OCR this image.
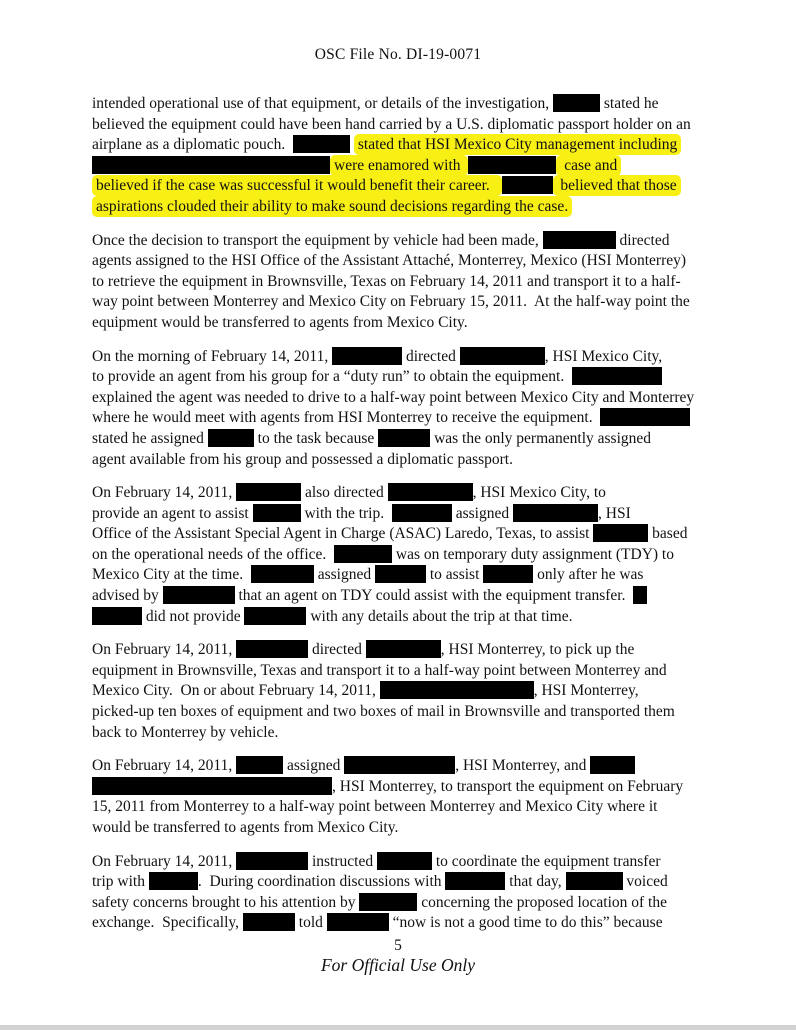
OSC File No. DI-19-0071
intended operational use of that equipment, or details of the investigation,	stated he
believed the equipment could have been hand carried by a U.S. diplomatic passport holder on an
airplane as a diplomatic pouch.	stated that HSI Mexico City management including
were enamored with	case and
believed if the case was successful it would benefit their career.	believed that those
aspirations clouded their ability to make sound decisions regarding the case.
Once the decision to transport the equipment by vehicle had been made,	directed
agents assigned to the HSI Office of the Assistant Attaché, Monterrey, Mexico (HSI Monterrey)
to retrieve the equipment in Brownsville, Texas on February 14, 2011 and transport it to a half-
way point between Monterrey and Mexico City on February 15, 2011.  At the half-way point the
equipment would be transferred to agents from Mexico City.
On the morning of February 14, 2011,	directed	, HSI Mexico City,
to provide an agent from his group for a “duty run” to obtain the equipment.
explained the agent was needed to drive to a half-way point between Mexico City and Monterrey
where he would meet with agents from HSI Monterrey to receive the equipment.
stated he assigned	to the task because	was the only permanently assigned
agent available from his group and possessed a diplomatic passport.
On February 14, 2011,	also directed	, HSI Mexico City, to
provide an agent to assist	with the trip.	assigned	, HSI
Office of the Assistant Special Agent in Charge (ASAC) Laredo, Texas, to assist	based
on the operational needs of the office.	was on temporary duty assignment (TDY) to
Mexico City at the time.	assigned	to assist	only after he was
advised by	that an agent on TDY could assist with the equipment transfer.
did not provide	with any details about the trip at that time.
On February 14, 2011,	directed	, HSI Monterrey, to pick up the
equipment in Brownsville, Texas and transport it to a half-way point between Monterrey and
Mexico City.  On or about February 14, 2011,	, HSI Monterrey,
picked-up ten boxes of equipment and two boxes of mail in Brownsville and transported them
back to Monterrey by vehicle.
On February 14, 2011,	assigned	, HSI Monterrey, and
, HSI Monterrey, to transport the equipment on February
15, 2011 from Monterrey to a half-way point between Monterrey and Mexico City where it
would be transferred to agents from Mexico City.
On February 14, 2011,	instructed	to coordinate the equipment transfer
trip with	.  During coordination discussions with	that day,	voiced
safety concerns brought to his attention by	concerning the proposed location of the
exchange.  Specifically,	told	“now is not a good time to do this” because
5
For Official Use Only
